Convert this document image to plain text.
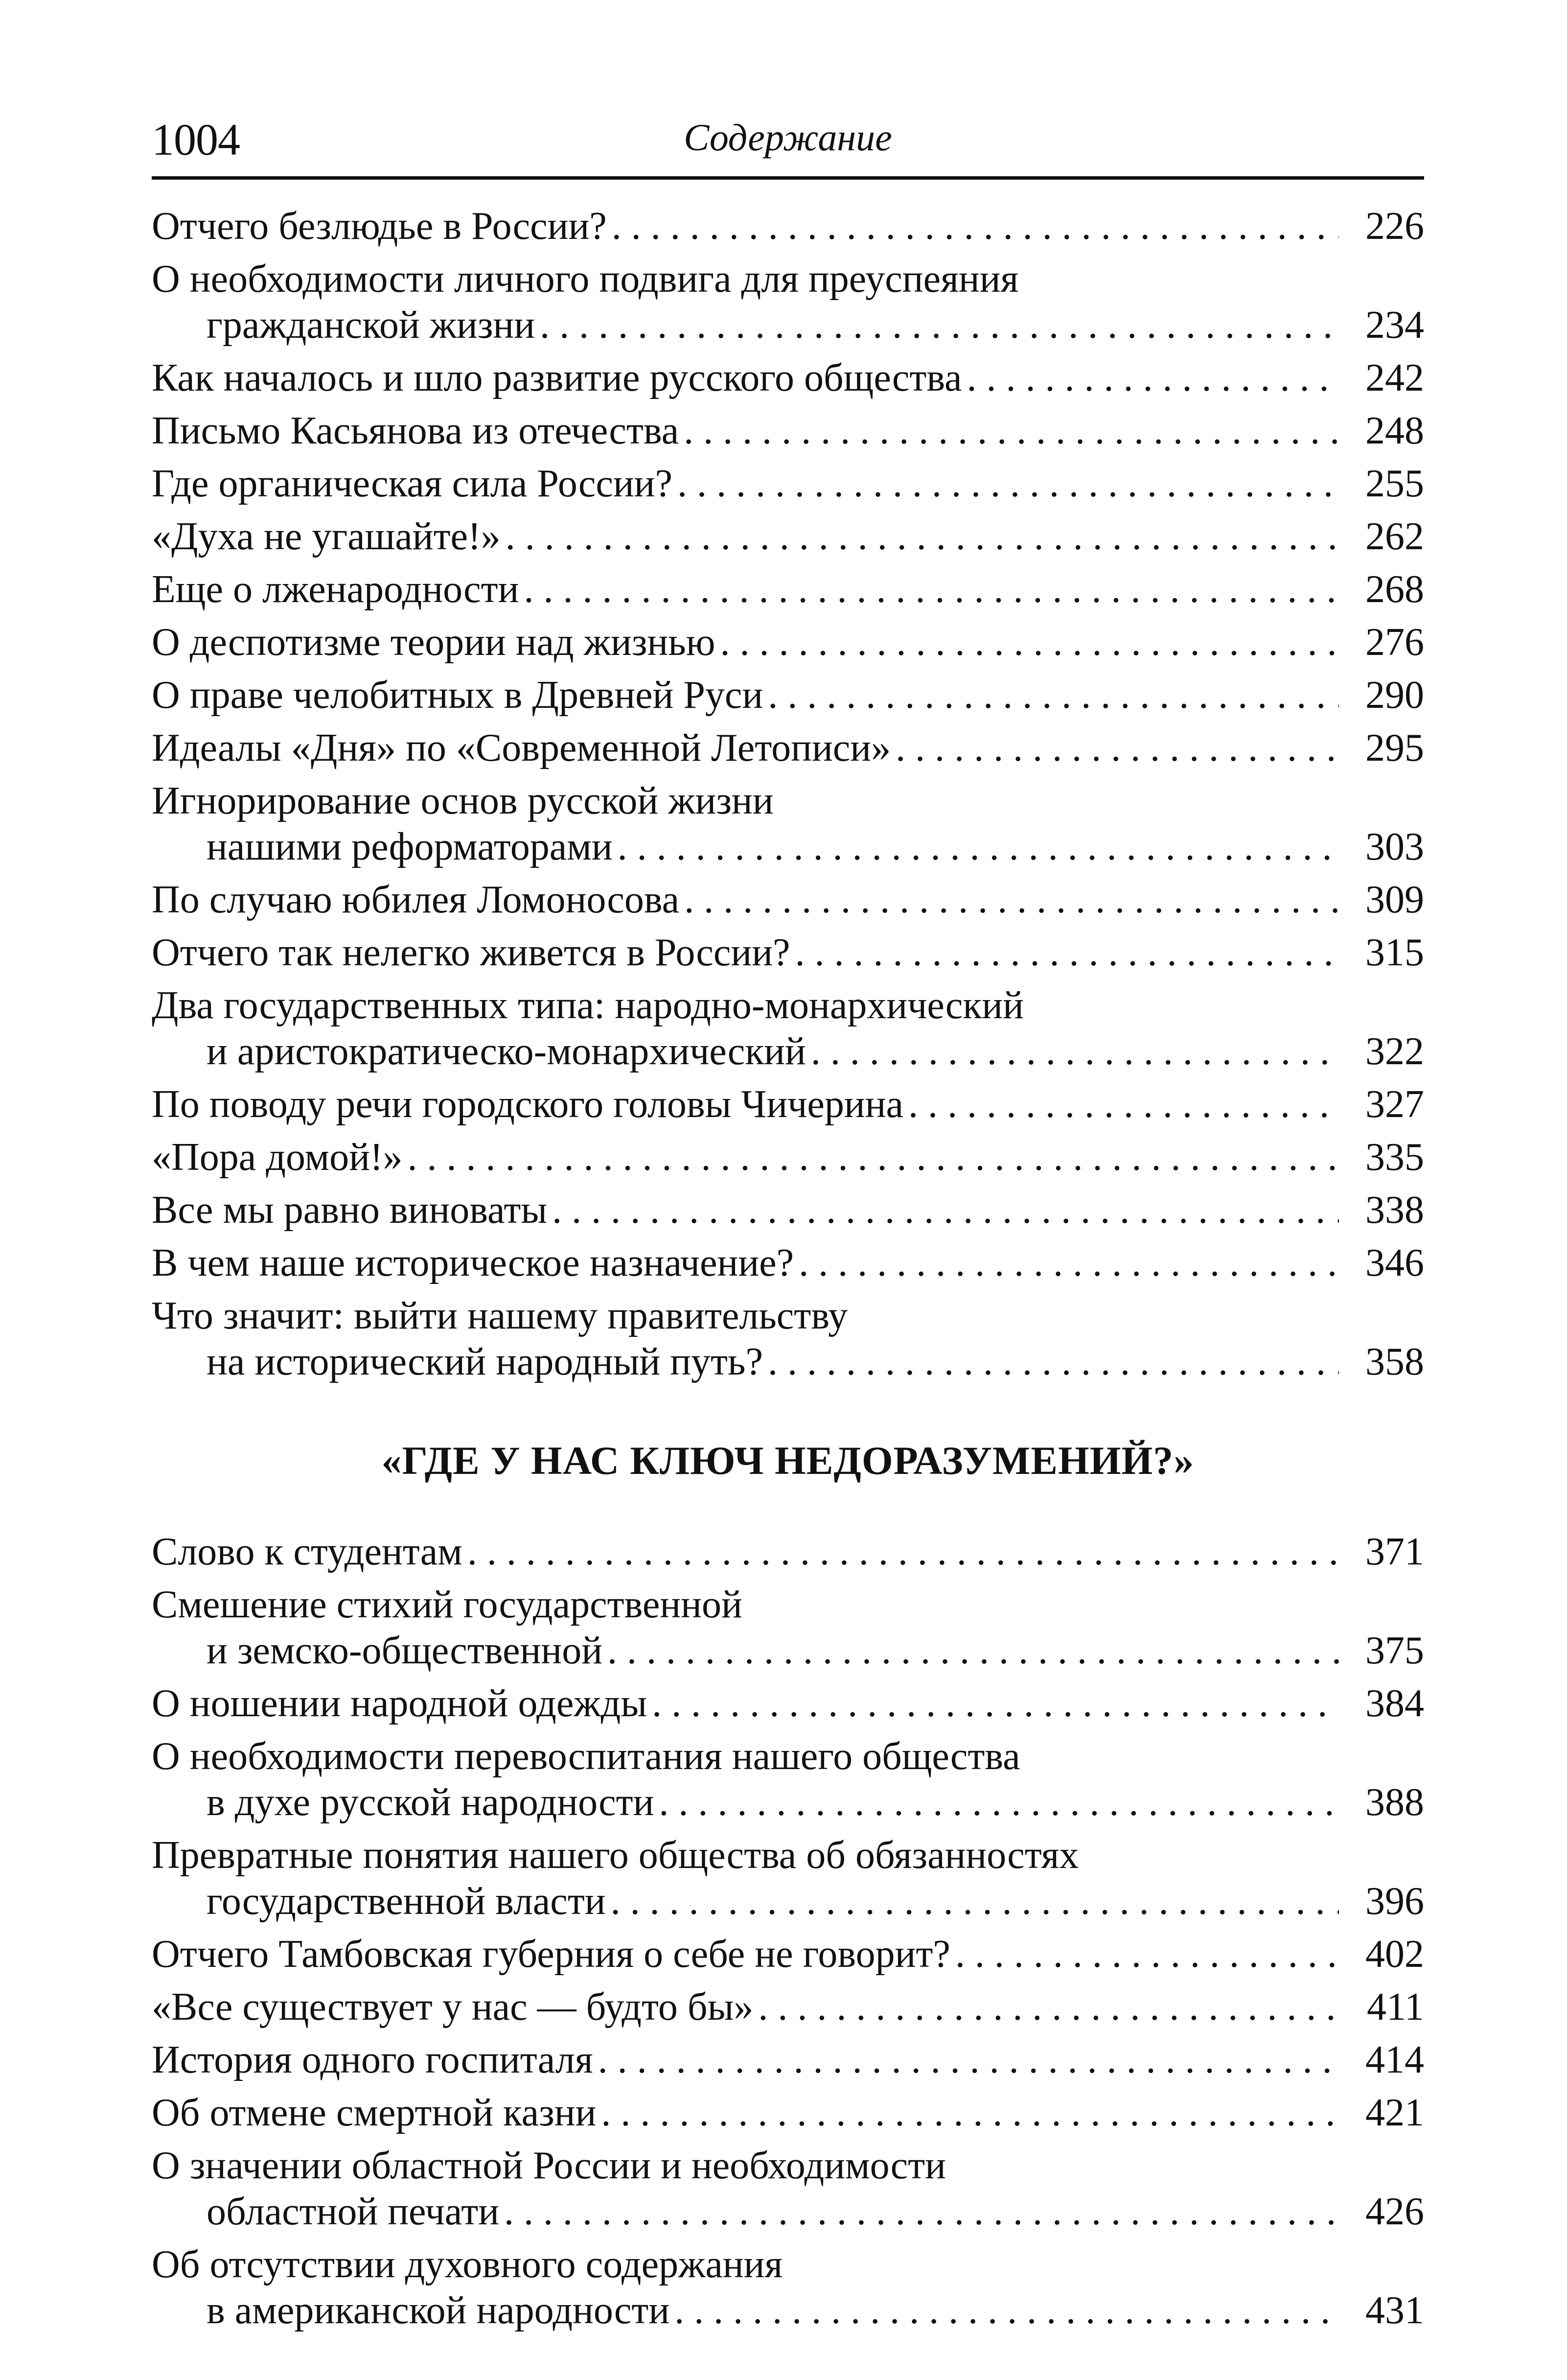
1004	Содержание
Отчего безлюдье в России? . . .	226
О необходимости личного подвига для преуспеяния
гражданской жизни . . .	234
Как началось и шло развитие русского общества . . .	242
Письмо Касьянова из отечества . . .	248
Где органическая сила России? . . .	255
«Духа не угашайте!» . . .	262
Еще о лженародности . . .	268
О деспотизме теории над жизнью . . .	276
О праве челобитных в Древней Руси . . .	290
Идеалы «Дня» по «Современной Летописи» . . .	295
Игнорирование основ русской жизни
нашими реформаторами . . .	303
По случаю юбилея Ломоносова . . .	309
Отчего так нелегко живется в России? . . .	315
Два государственных типа: народно-монархический
и аристократическо-монархический . . .	322
По поводу речи городского головы Чичерина . . .	327
«Пора домой!» . . .	335
Все мы равно виноваты . . .	338
В чем наше историческое назначение? . . .	346
Что значит: выйти нашему правительству
на исторический народный путь? . . .	358
«ГДЕ У НАС КЛЮЧ НЕДОРАЗУМЕНИЙ?»
Слово к студентам . . .	371
Смешение стихий государственной
и земско-общественной . . .	375
О ношении народной одежды . . .	384
О необходимости перевоспитания нашего общества
в духе русской народности . . .	388
Превратные понятия нашего общества об обязанностях
государственной власти . . .	396
Отчего Тамбовская губерния о себе не говорит? . . .	402
«Все существует у нас — будто бы» . . .	411
История одного госпиталя . . .	414
Об отмене смертной казни . . .	421
О значении областной России и необходимости
областной печати . . .	426
Об отсутствии духовного содержания
в американской народности . . .	431
